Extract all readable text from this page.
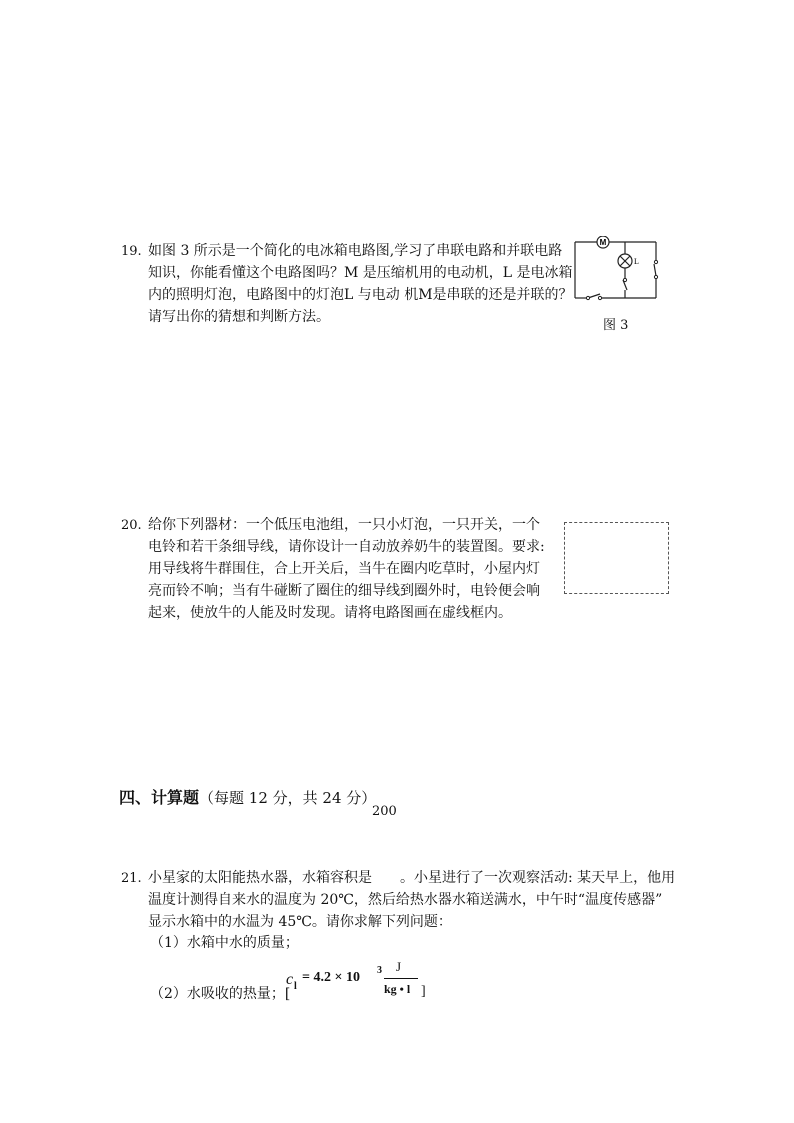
19. 如图 3 所示是一个简化的电冰箱电路图,学习了串联电路和并联电路
知识，你能看懂这个电路图吗？M 是压缩机用的电动机，L 是电冰箱
内的照明灯泡，电路图中的灯泡L 与电动 机M是串联的还是并联的？
请写出你的猜想和判断方法。
M
L
图 3
20. 给你下列器材：一个低压电池组，一只小灯泡，一只开关，一个
电铃和若干条细导线，请你设计一自动放养奶牛的装置图。要求:
用导线将牛群围住，合上开关后，当牛在圈内吃草时，小屋内灯
亮而铃不响；当有牛碰断了圈住的细导线到圈外时，电铃便会响
起来，使放牛的人能及时发现。请将电路图画在虚线框内。
四、计算题（每题 12 分，共 24 分）
200
21. 小星家的太阳能热水器，水箱容积是 。小星进行了一次观察活动: 某天早上，他用
温度计测得自来水的温度为 20℃，然后给热水器水箱送满水，中午时“温度传感器”
显示水箱中的水温为 45℃。请你求解下列问题：
（1）水箱中水的质量；
（2）水吸收的热量；[
c l
= 4.2 × 10 3 J
kg • l ]
